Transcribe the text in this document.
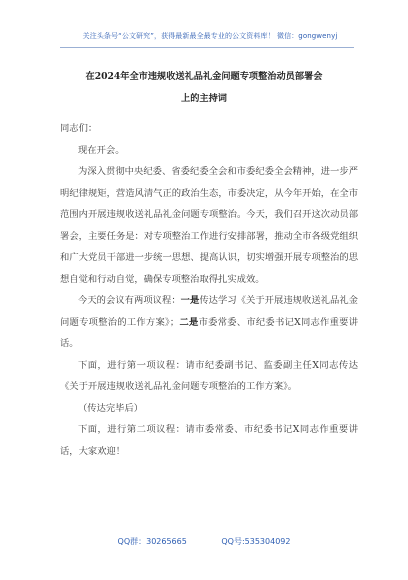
关注头条号“公文研究”，获得最新最全最专业的公文资料库！ 微信：gongwenyj
在2024年全市违规收送礼品礼金问题专项整治动员部署会
上的主持词

同志们：

现在开会。

为深入贯彻中央纪委、省委纪委全会和市委纪委全会精神，进一步严明纪律规矩，营造风清气正的政治生态，市委决定，从今年开始，在全市范围内开展违规收送礼品礼金问题专项整治。今天，我们召开这次动员部署会，主要任务是：对专项整治工作进行安排部署，推动全市各级党组织和广大党员干部进一步统一思想、提高认识，切实增强开展专项整治的思想自觉和行动自觉，确保专项整治取得扎实成效。

今天的会议有两项议程：一是传达学习《关于开展违规收送礼品礼金问题专项整治的工作方案》；二是市委常委、市纪委书记X同志作重要讲话。

下面，进行第一项议程：请市纪委副书记、监委副主任X同志传达《关于开展违规收送礼品礼金问题专项整治的工作方案》。

（传达完毕后）

下面，进行第二项议程：请市委常委、市纪委书记X同志作重要讲话，大家欢迎！

QQ群：30265665	QQ号:535304092
